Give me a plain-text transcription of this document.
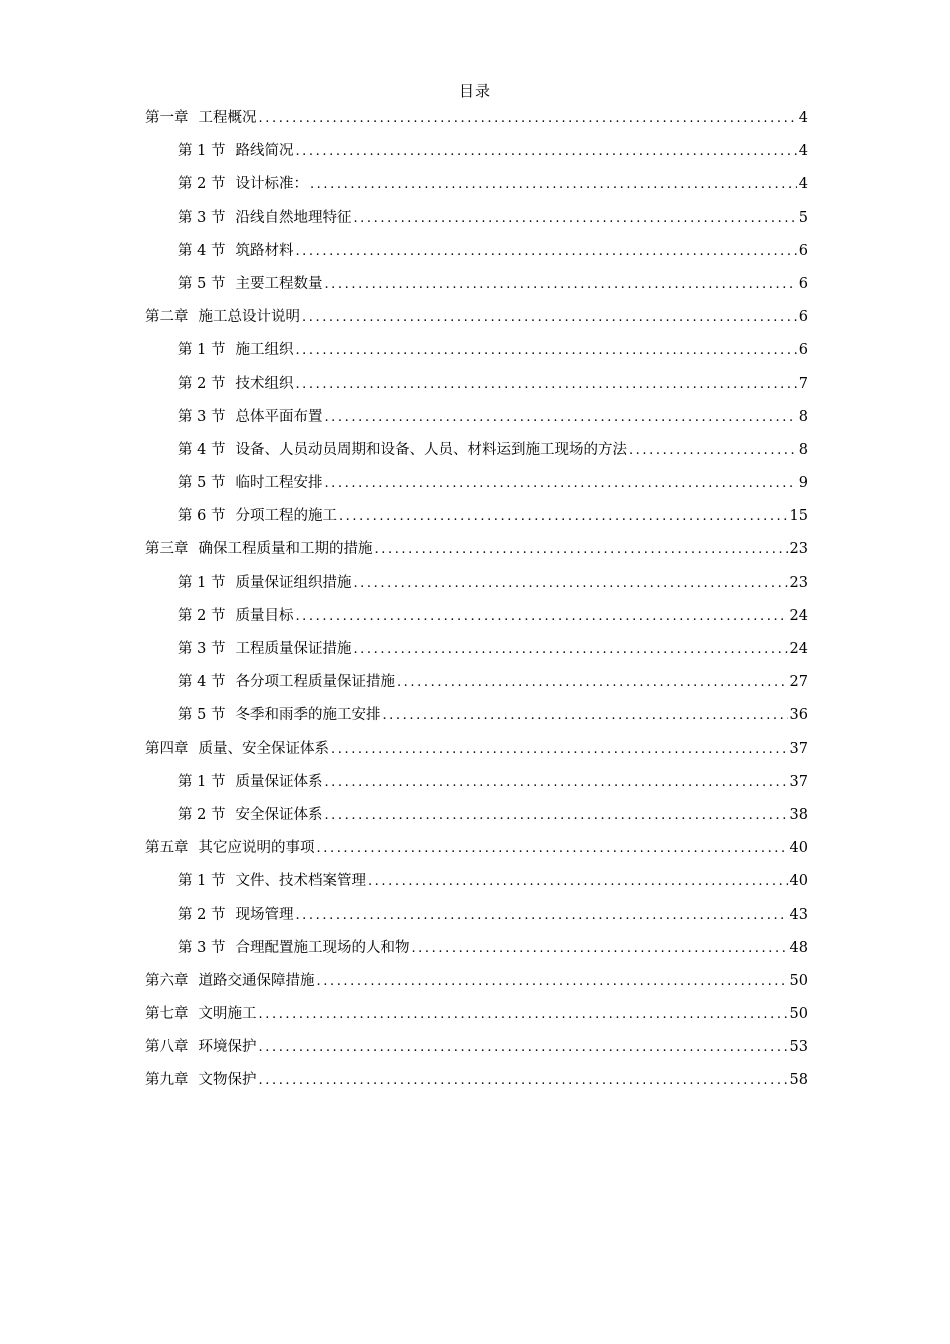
目录
第一章 工程概况 .....	4
第 1 节 路线简况 .....	4
第 2 节 设计标准： .....	4
第 3 节 沿线自然地理特征 .....	5
第 4 节 筑路材料 .....	6
第 5 节 主要工程数量 .....	6
第二章 施工总设计说明 .....	6
第 1 节 施工组织 .....	6
第 2 节 技术组织 .....	7
第 3 节 总体平面布置 .....	8
第 4 节 设备、人员动员周期和设备、人员、材料运到施工现场的方法 .....	8
第 5 节 临时工程安排 .....	9
第 6 节 分项工程的施工 .....	15
第三章 确保工程质量和工期的措施 .....	23
第 1 节 质量保证组织措施 .....	23
第 2 节 质量目标 .....	24
第 3 节 工程质量保证措施 .....	24
第 4 节 各分项工程质量保证措施 .....	27
第 5 节 冬季和雨季的施工安排 .....	36
第四章 质量、安全保证体系 .....	37
第 1 节 质量保证体系 .....	37
第 2 节 安全保证体系 .....	38
第五章 其它应说明的事项 .....	40
第 1 节 文件、技术档案管理 .....	40
第 2 节 现场管理 .....	43
第 3 节 合理配置施工现场的人和物 .....	48
第六章 道路交通保障措施 .....	50
第七章 文明施工 .....	50
第八章 环境保护 .....	53
第九章 文物保护 .....	58
